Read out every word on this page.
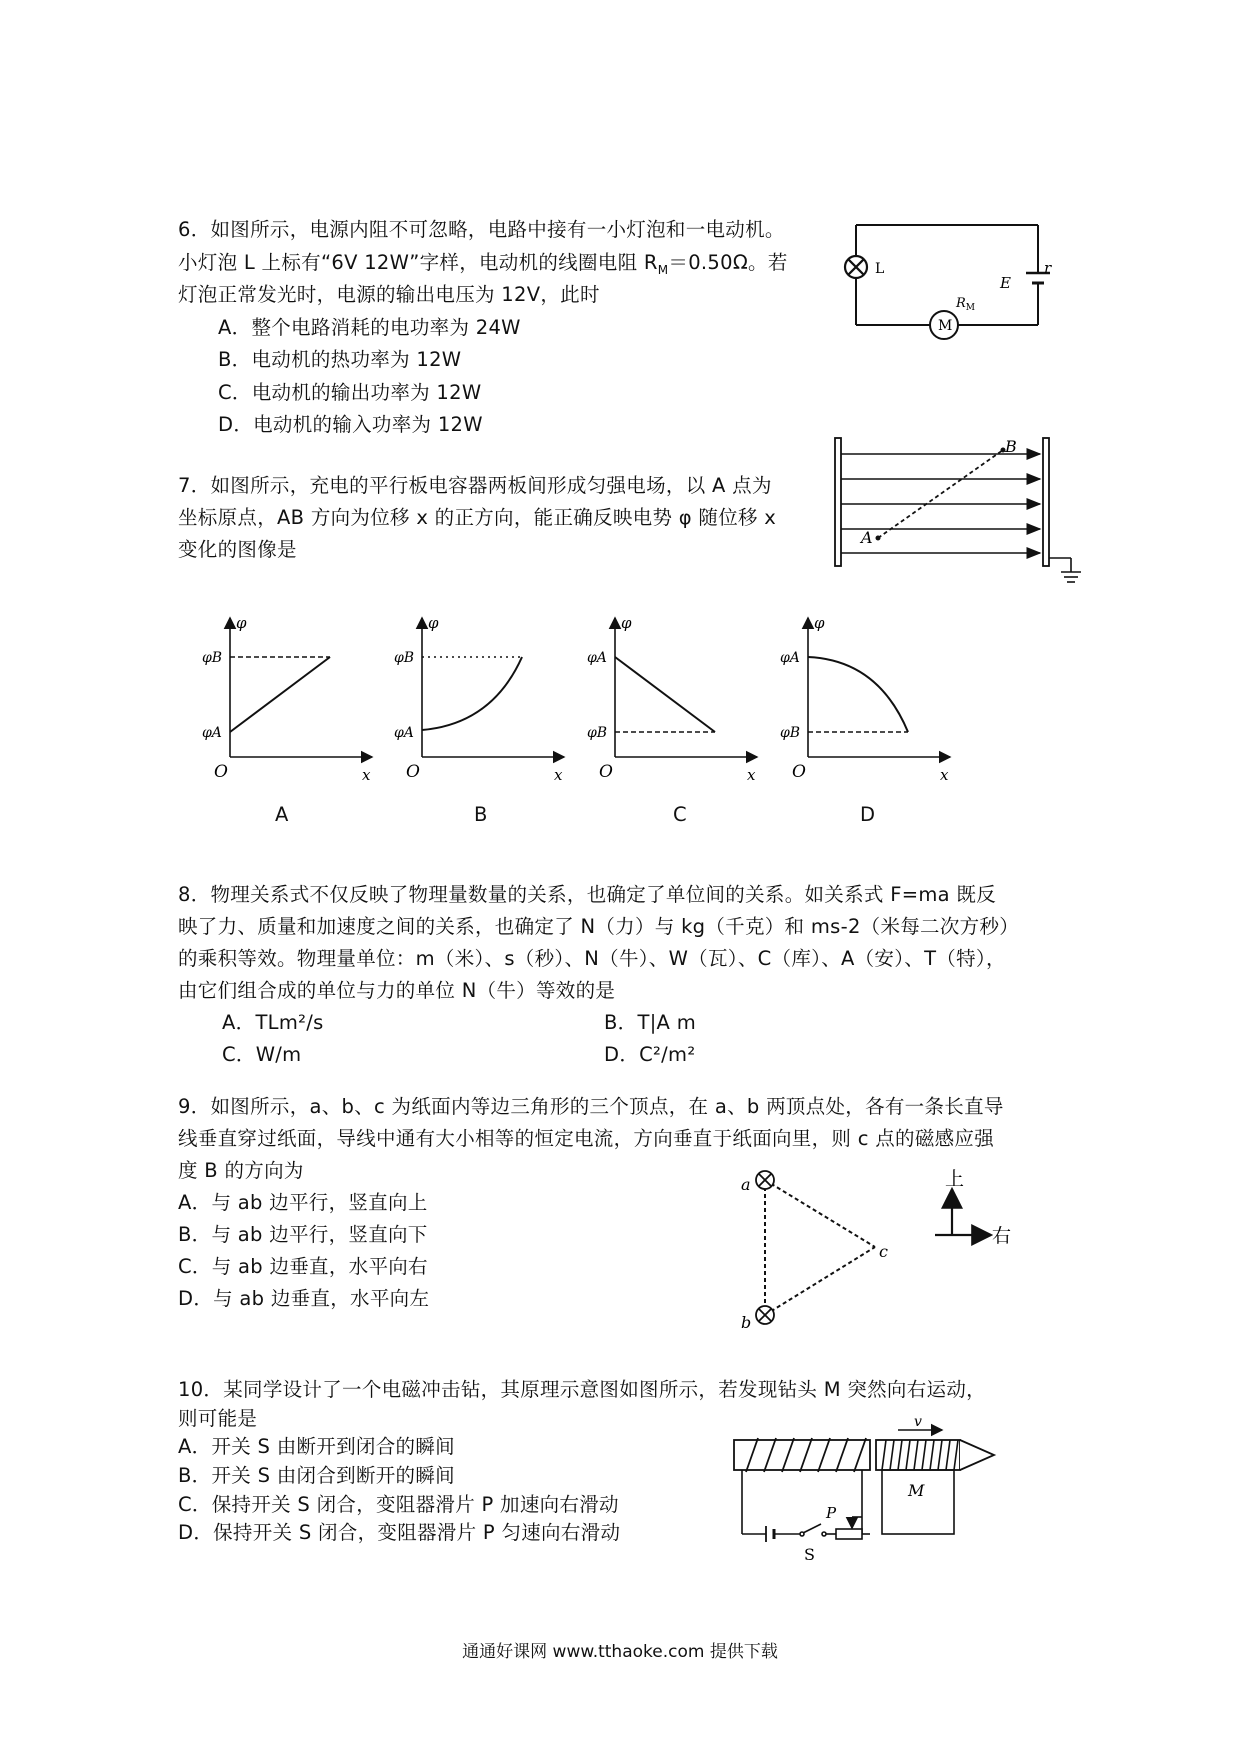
6．如图所示，电源内阻不可忽略，电路中接有一小灯泡和一电动机。
小灯泡 L 上标有“6V 12W”字样，电动机的线圈电阻 $R_M=0.50\Omega$。若
灯泡正常发光时，电源的输出电压为 12V，此时
A．整个电路消耗的电功率为 24W
B．电动机的热功率为 12W
C．电动机的输出功率为 12W
D．电动机的输入功率为 12W
L
E
r
M
$R_M$
7．如图所示，充电的平行板电容器两板间形成匀强电场，以 A 点为
坐标原点，AB 方向为位移 x 的正方向，能正确反映电势 φ 随位移 x
变化的图像是
A
B
φ
φB
φA
O	x
φ
φB
φA
O	x
φ
φA
φB
O	x
φ
φA
φB
O	x
A	B	C	D
8．物理关系式不仅反映了物理量数量的关系，也确定了单位间的关系。如关系式 F=ma 既反
映了力、质量和加速度之间的关系，也确定了 N（力）与 kg（千克）和 ms-2（米每二次方秒）
的乘积等效。物理量单位：m（米）、s（秒）、N（牛）、W（瓦）、C（库）、A（安）、T（特），
由它们组合成的单位与力的单位 N（牛）等效的是
A．TLm²/s	B．T|A m
C．W/m	D．C²/m²
9．如图所示，a、b、c 为纸面内等边三角形的三个顶点，在 a、b 两顶点处，各有一条长直导
线垂直穿过纸面，导线中通有大小相等的恒定电流，方向垂直于纸面向里，则 c 点的磁感应强
度 B 的方向为
A．与 ab 边平行，竖直向上
B．与 ab 边平行，竖直向下
C．与 ab 边垂直，水平向右
D．与 ab 边垂直，水平向左
a
b
c
上
右
10．某同学设计了一个电磁冲击钻，其原理示意图如图所示，若发现钻头 M 突然向右运动，
则可能是
A．开关 S 由断开到闭合的瞬间
B．开关 S 由闭合到断开的瞬间
C．保持开关 S 闭合，变阻器滑片 P 加速向右滑动
D．保持开关 S 闭合，变阻器滑片 P 匀速向右滑动
v
M
P
S
通通好课网 www.tthaoke.com 提供下载
